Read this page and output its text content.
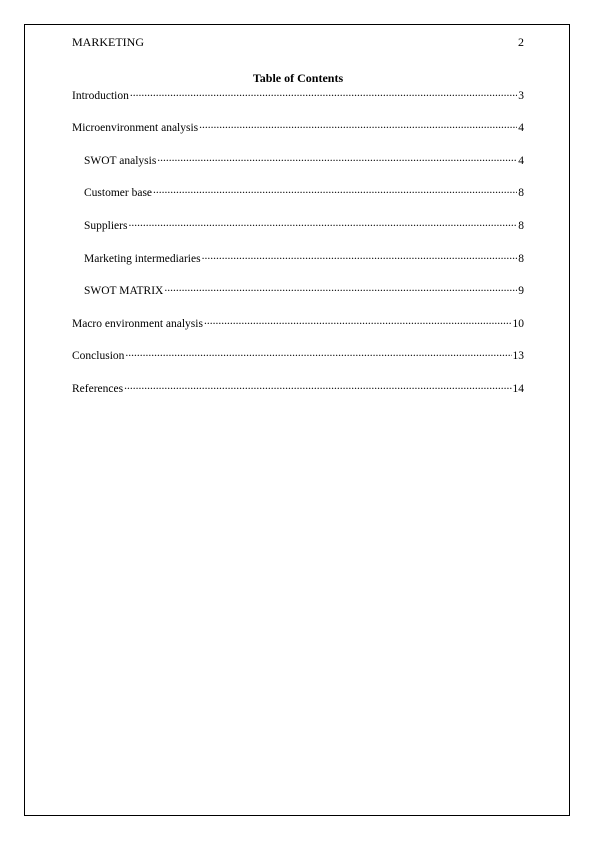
MARKETING	2
Table of Contents
Introduction .....	3
Microenvironment analysis .....	4
SWOT analysis .....	4
Customer base .....	8
Suppliers .....	8
Marketing intermediaries .....	8
SWOT MATRIX .....	9
Macro environment analysis .....	10
Conclusion .....	13
References .....	14
